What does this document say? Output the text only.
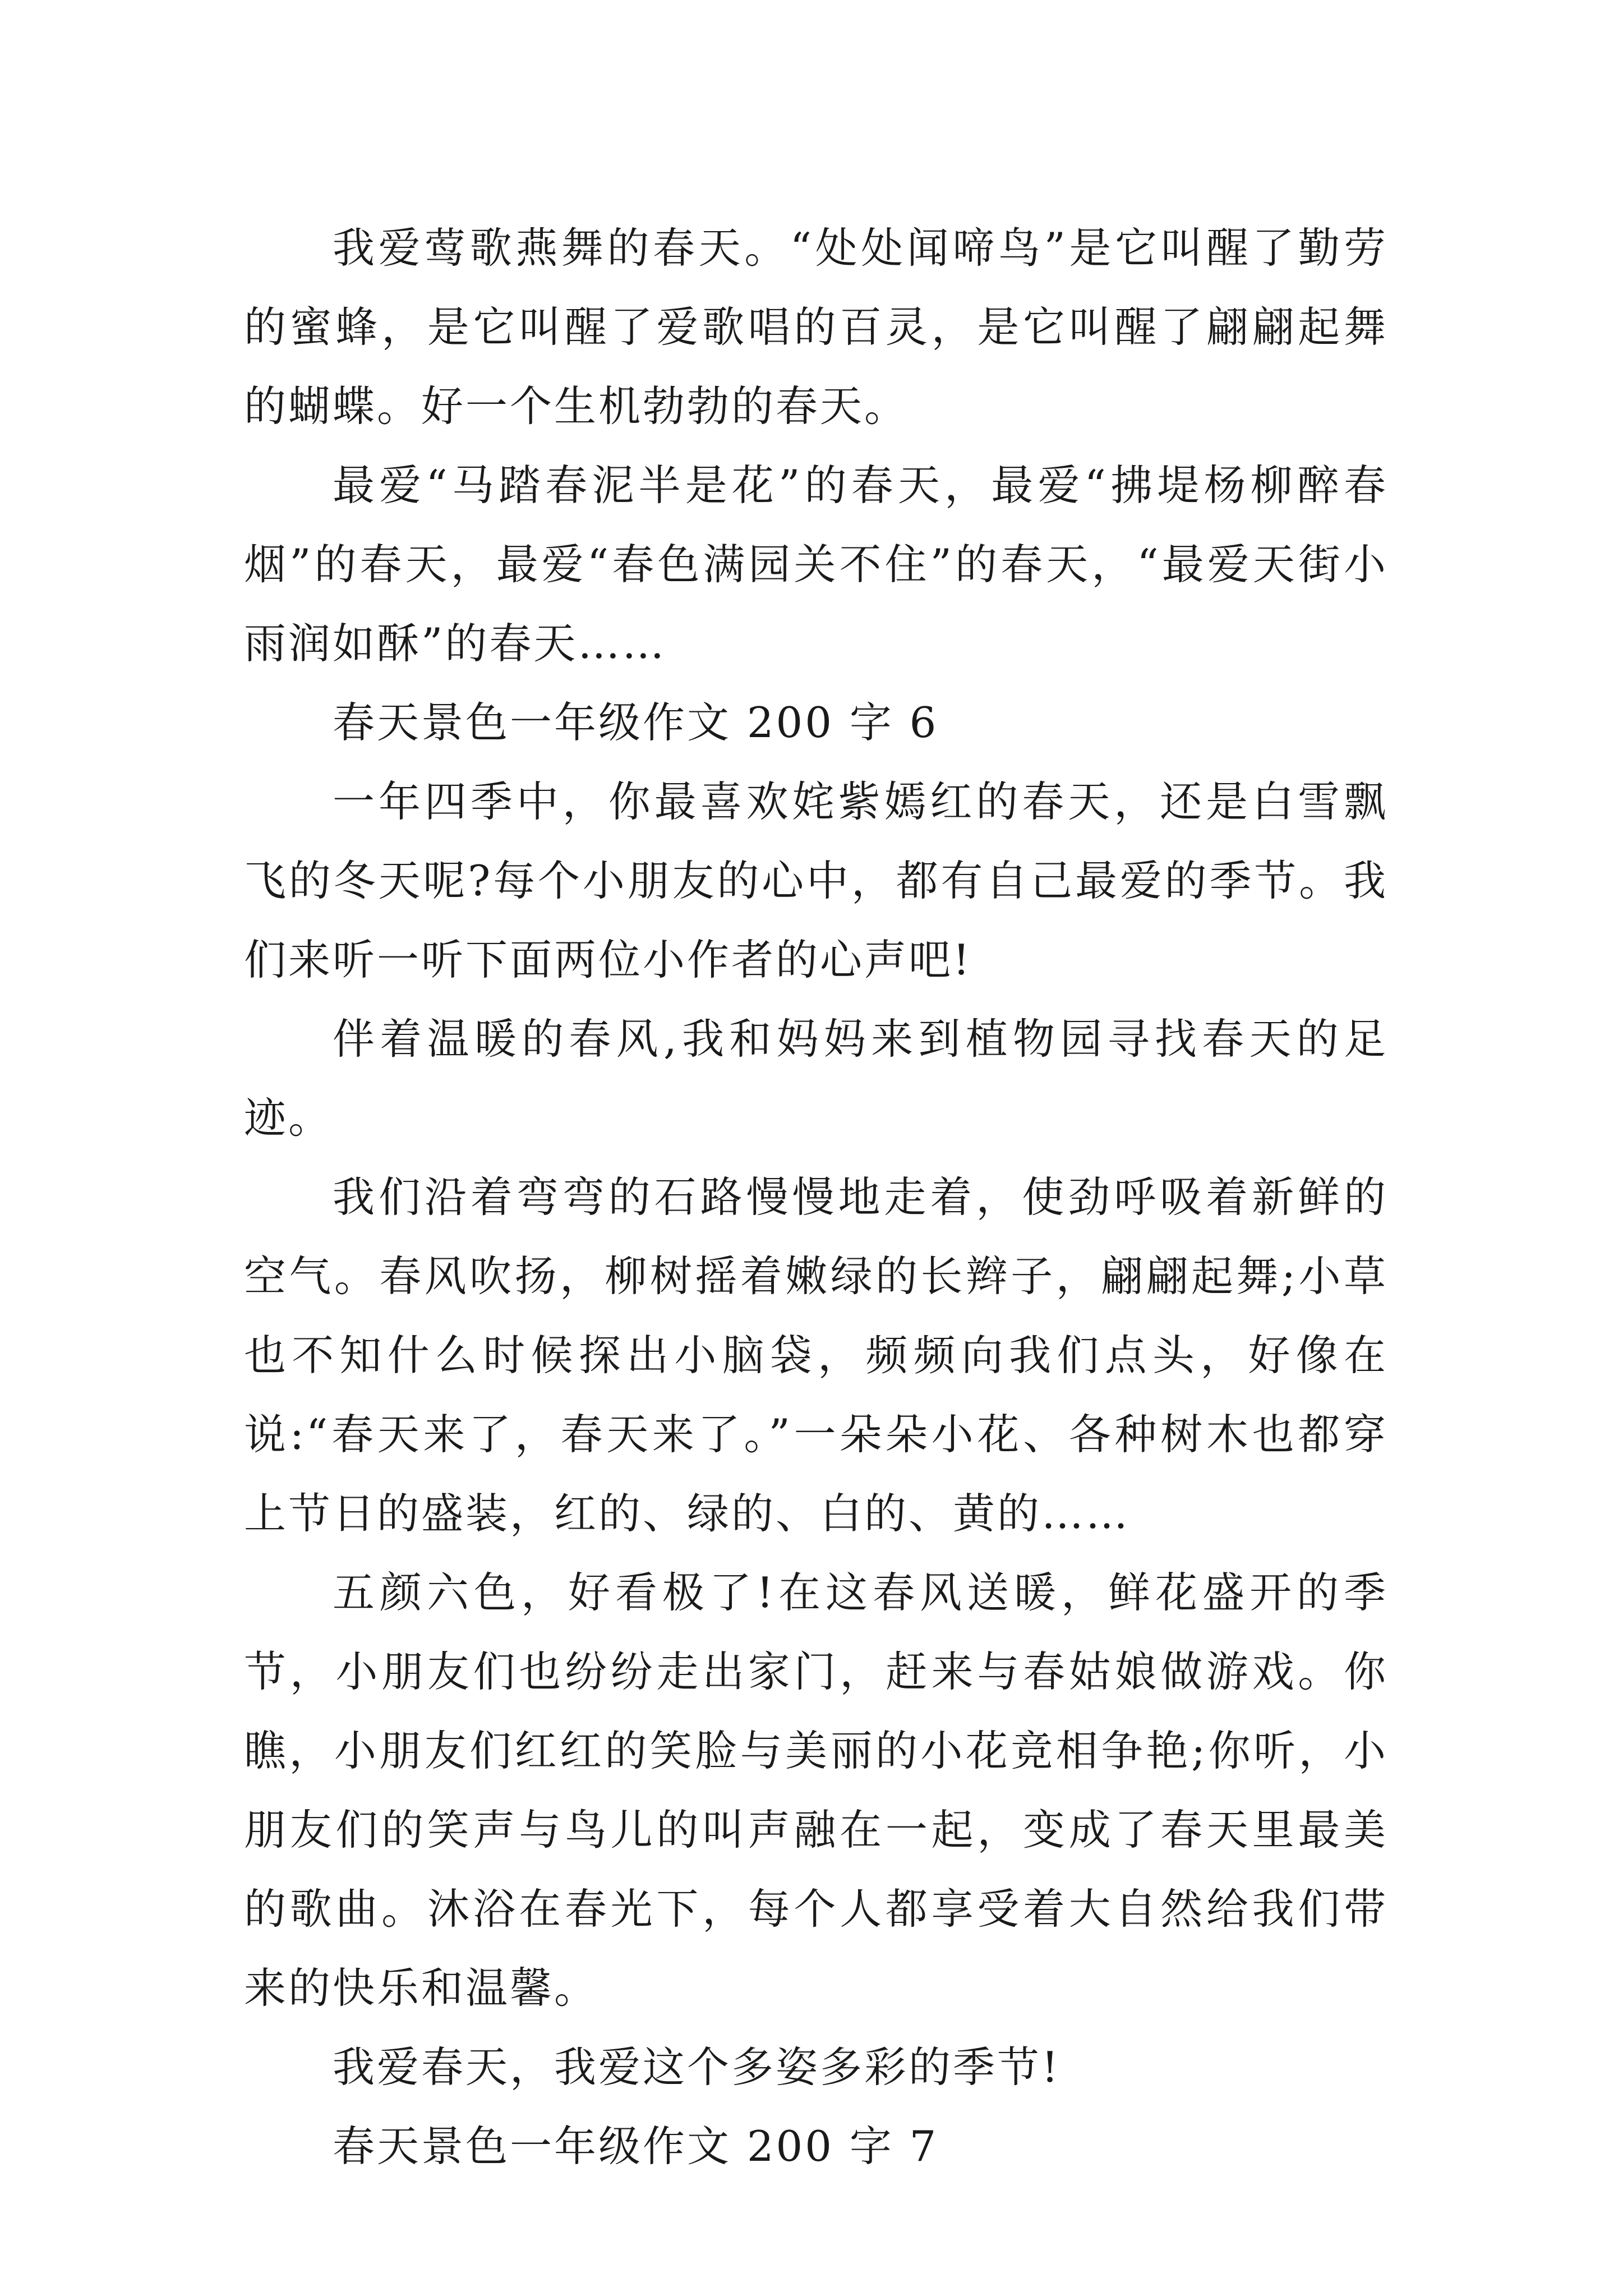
我爱莺歌燕舞的春天。“处处闻啼鸟”是它叫醒了勤劳的蜜蜂，是它叫醒了爱歌唱的百灵，是它叫醒了翩翩起舞的蝴蝶。好一个生机勃勃的春天。

最爱“马踏春泥半是花”的春天，最爱“拂堤杨柳醉春烟”的春天，最爱“春色满园关不住”的春天，“最爱天街小雨润如酥”的春天……

春天景色一年级作文 200 字 6

一年四季中，你最喜欢姹紫嫣红的春天，还是白雪飘飞的冬天呢?每个小朋友的心中，都有自己最爱的季节。我们来听一听下面两位小作者的心声吧!

伴着温暖的春风,我和妈妈来到植物园寻找春天的足迹。

我们沿着弯弯的石路慢慢地走着，使劲呼吸着新鲜的空气。春风吹扬，柳树摇着嫩绿的长辫子，翩翩起舞;小草也不知什么时候探出小脑袋，频频向我们点头，好像在说:“春天来了，春天来了。”一朵朵小花、各种树木也都穿上节日的盛装，红的、绿的、白的、黄的……

五颜六色，好看极了!在这春风送暖，鲜花盛开的季节，小朋友们也纷纷走出家门，赶来与春姑娘做游戏。你瞧，小朋友们红红的笑脸与美丽的小花竞相争艳;你听，小朋友们的笑声与鸟儿的叫声融在一起，变成了春天里最美的歌曲。沐浴在春光下，每个人都享受着大自然给我们带来的快乐和温馨。

我爱春天，我爱这个多姿多彩的季节!

春天景色一年级作文 200 字 7
